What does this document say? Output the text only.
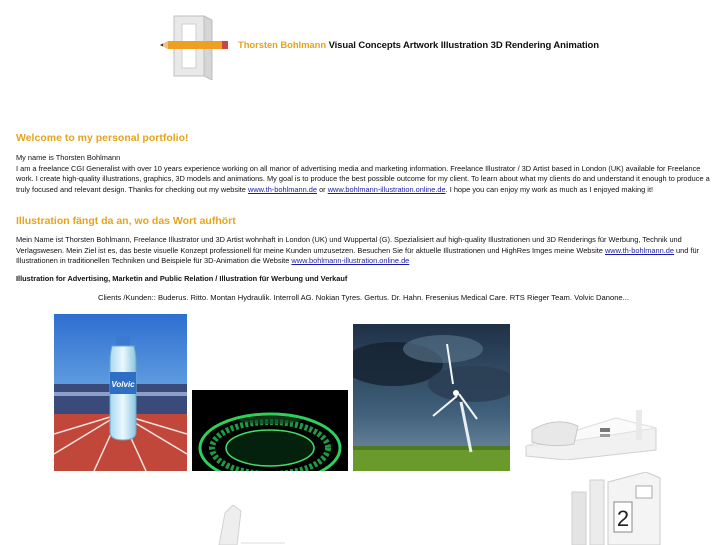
Thorsten Bohlmann Visual Concepts Artwork Illustration 3D Rendering Animation
Welcome to my personal portfolio!
My name is Thorsten Bohlmann
I am a freelance CGI Generalist with over 10 years experience working on all manor of advertising media and marketing information. Freelance Illustrator / 3D Artist based in London (UK) available for Freelance work. I create high-quality illustrations, graphics, 3D models and animations. My goal is to produce the best possible outcome for my client. To learn about what my clients do and understand it enough to produce a truly focused and relevant design. Thanks for checking out my website www.th-bohlmann.de or www.bohlmann-illustration.online.de. I hope you can enjoy my work as much as I enjoyed making it!
Illustration fängt da an, wo das Wort aufhört
Mein Name ist Thorsten Bohlmann, Freelance Illustrator und 3D Artist wohnhaft in London (UK) und Wuppertal (G). Spezialisiert auf high-quality Illustrationen und 3D Renderings für Werbung, Technik und Verlagswesen. Mein Ziel ist es, das beste visuelle Konzept professionell für meine Kunden umzusetzen. Besuchen Sie für aktuelle Illustrationen und HighRes Imges meine Website www.th-bohlmann.de und für Illustrationen in traditionellen Techniken und Beispiele für 3D-Animation die Website www.bohlmann-illustration.online.de
Illustration for Advertising, Marketin and Public Relation / Illustration für Werbung und Verkauf
Clients /Kunden:: Buderus. Ritto. Montan Hydraulik. Interroll AG. Nokian Tyres. Gertus. Dr. Hahn. Fresenius Medical Care. RTS Rieger Team. Volvic Danone...
Volvic
2
